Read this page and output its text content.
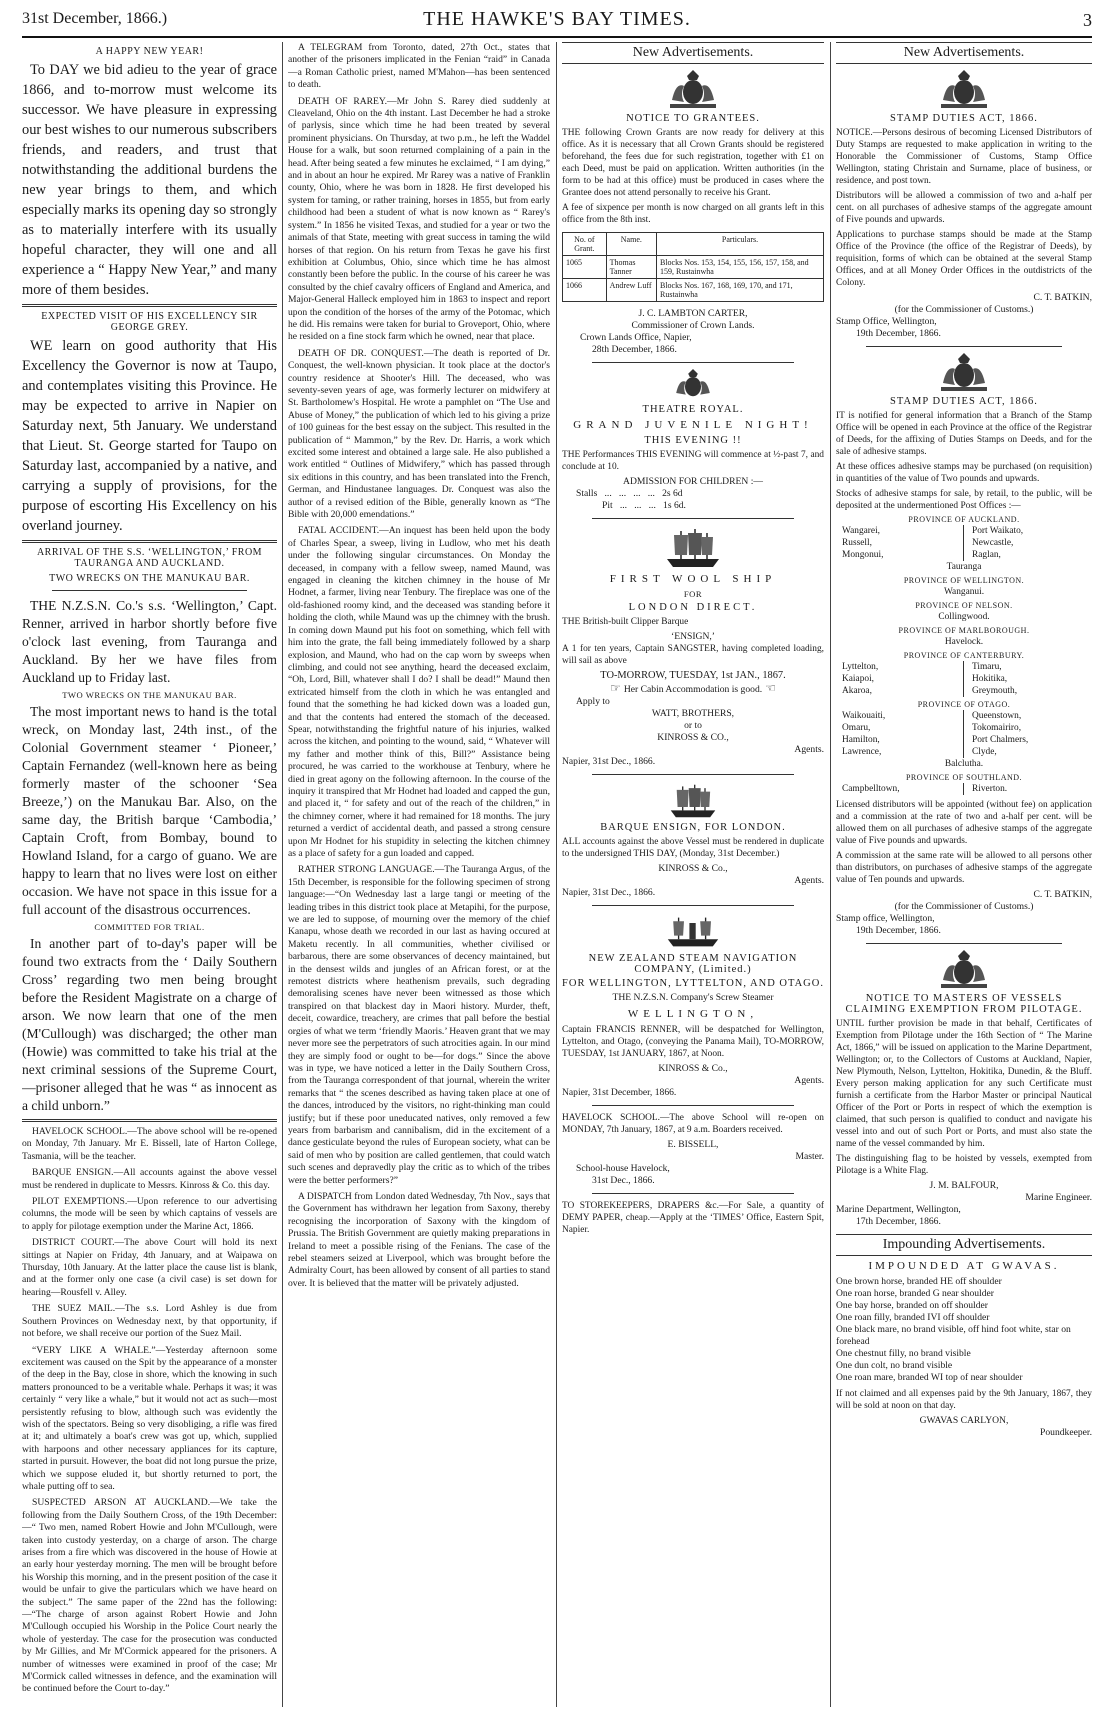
31st December, 1866.)	THE HAWKE'S BAY TIMES.	3
A HAPPY NEW YEAR!

To DAY we bid adieu to the year of grace 1866, and to-morrow must welcome its successor. We have pleasure in expressing our best wishes to our numerous subscribers friends, and readers, and trust that notwithstanding the additional burdens the new year brings to them, and which especially marks its opening day so strongly as to materially interfere with its usually hopeful character, they will one and all experience a “ Happy New Year,” and many more of them besides.

EXPECTED VISIT OF HIS EXCELLENCY SIR GEORGE GREY.

WE learn on good authority that His Excellency the Governor is now at Taupo, and contemplates visiting this Province. He may be expected to arrive in Napier on Saturday next, 5th January. We understand that Lieut. St. George started for Taupo on Saturday last, accompanied by a native, and carrying a supply of provisions, for the purpose of escorting His Excellency on his overland journey.

ARRIVAL OF THE S.S. ‘WELLINGTON,’ FROM TAURANGA AND AUCKLAND.
TWO WRECKS ON THE MANUKAU BAR.

THE N.Z.S.N. Co.'s s.s. ‘Wellington,’ Capt. Renner, arrived in harbor shortly before five o'clock last evening, from Tauranga and Auckland. By her we have files from Auckland up to Friday last.

TWO WRECKS ON THE MANUKAU BAR.

The most important news to hand is the total wreck, on Monday last, 24th inst., of the Colonial Government steamer ‘ Pioneer,’ Captain Fernandez (well-known here as being formerly master of the schooner ‘Sea Breeze,’) on the Manukau Bar. Also, on the same day, the British barque ‘Cambodia,’ Captain Croft, from Bombay, bound to Howland Island, for a cargo of guano. We are happy to learn that no lives were lost on either occasion. We have not space in this issue for a full account of the disastrous occurrences.

COMMITTED FOR TRIAL.

In another part of to-day's paper will be found two extracts from the ‘ Daily Southern Cross’ regarding two men being brought before the Resident Magistrate on a charge of arson. We now learn that one of the men (M'Cullough) was discharged; the other man (Howie) was committed to take his trial at the next criminal sessions of the Supreme Court,—prisoner alleged that he was “ as innocent as a child unborn.”

HAVELOCK SCHOOL.—The above school will be re-opened on Monday, 7th January. Mr E. Bissell, late of Harton College, Tasmania, will be the teacher.

BARQUE ENSIGN.—All accounts against the above vessel must be rendered in duplicate to Messrs. Kinross & Co. this day.

PILOT EXEMPTIONS.—Upon reference to our advertising columns, the mode will be seen by which captains of vessels are to apply for pilotage exemption under the Marine Act, 1866.

DISTRICT COURT.—The above Court will hold its next sittings at Napier on Friday, 4th January, and at Waipawa on Thursday, 10th January. At the latter place the cause list is blank, and at the former only one case (a civil case) is set down for hearing—Rousfell v. Alley.

THE SUEZ MAIL.—The s.s. Lord Ashley is due from Southern Provinces on Wednesday next, by that opportunity, if not before, we shall receive our portion of the Suez Mail.

“VERY LIKE A WHALE.”—Yesterday afternoon some excitement was caused on the Spit by the appearance of a monster of the deep in the Bay, close in shore, which the knowing in such matters pronounced to be a veritable whale. Perhaps it was; it was certainly “ very like a whale,” but it would not act as such—most persistently refusing to blow, although such was evidently the wish of the spectators. Being so very disobliging, a rifle was fired at it; and ultimately a boat's crew was got up, which, supplied with harpoons and other necessary appliances for its capture, started in pursuit. However, the boat did not long pursue the prize, which we suppose eluded it, but shortly returned to port, the whale putting off to sea.

SUSPECTED ARSON AT AUCKLAND.—We take the following from the Daily Southern Cross, of the 19th December:—“ Two men, named Robert Howie and John M'Cullough, were taken into custody yesterday, on a charge of arson. The charge arises from a fire which was discovered in the house of Howie at an early hour yesterday morning. The men will be brought before his Worship this morning, and in the present position of the case it would be unfair to give the particulars which we have heard on the subject.” The same paper of the 22nd has the following:—“The charge of arson against Robert Howie and John M'Cullough occupied his Worship in the Police Court nearly the whole of yesterday. The case for the prosecution was conducted by Mr Gillies, and Mr M'Cormick appeared for the prisoners. A number of witnesses were examined in proof of the case; Mr M'Cormick called witnesses in defence, and the examination will be continued before the Court to-day.”

A TELEGRAM from Toronto, dated, 27th Oct., states that another of the prisoners implicated in the Fenian “raid” in Canada—a Roman Catholic priest, named M'Mahon—has been sentenced to death.

DEATH OF RAREY.—Mr John S. Rarey died suddenly at Cleaveland, Ohio on the 4th instant. Last December he had a stroke of parlysis, since which time he had been treated by several prominent physicians. On Thursday, at two p.m., he left the Waddel House for a walk, but soon returned complaining of a pain in the head. After being seated a few minutes he exclaimed, “ I am dying,” and in about an hour he expired. Mr Rarey was a native of Franklin county, Ohio, where he was born in 1828. He first developed his system for taming, or rather training, horses in 1855, but from early childhood had been a student of what is now known as “ Rarey's system.” In 1856 he visited Texas, and studied for a year or two the animals of that State, meeting with great success in taming the wild horses of that region. On his return from Texas he gave his first exhibition at Columbus, Ohio, since which time he has almost constantly been before the public. In the course of his career he was consulted by the chief cavalry officers of England and America, and Major-General Halleck employed him in 1863 to inspect and report upon the condition of the horses of the army of the Potomac, which he did. His remains were taken for burial to Groveport, Ohio, where he resided on a fine stock farm which he owned, near that place.

DEATH OF DR. CONQUEST.—The death is reported of Dr. Conquest, the well-known physician. It took place at the doctor's country residence at Shooter's Hill. The deceased, who was seventy-seven years of age, was formerly lecturer on midwifery at St. Bartholomew's Hospital. He wrote a pamphlet on “The Use and Abuse of Money,” the publication of which led to his giving a prize of 100 guineas for the best essay on the subject. This resulted in the publication of “ Mammon,” by the Rev. Dr. Harris, a work which excited some interest and obtained a large sale. He also published a work entitled “ Outlines of Midwifery,” which has passed through six editions in this country, and has been translated into the French, German, and Hindustanee languages. Dr. Conquest was also the author of a revised edition of the Bible, generally known as “The Bible with 20,000 emendations.”

FATAL ACCIDENT.—An inquest has been held upon the body of Charles Spear, a sweep, living in Ludlow, who met his death under the following singular circumstances. On Monday the deceased, in company with a fellow sweep, named Maund, was engaged in cleaning the kitchen chimney in the house of Mr Hodnet, a farmer, living near Tenbury. The fireplace was one of the old-fashioned roomy kind, and the deceased was standing before it holding the cloth, while Maund was up the chimney with the brush. In coming down Maund put his foot on something, which fell with him into the grate, the fall being immediately followed by a sharp explosion, and Maund, who had on the cap worn by sweeps when climbing, and could not see anything, heard the deceased exclaim, “Oh, Lord, Bill, whatever shall I do? I shall be dead!” Maund then extricated himself from the cloth in which he was entangled and found that the something he had kicked down was a loaded gun, and that the contents had entered the stomach of the deceased. Spear, notwithstanding the frightful nature of his injuries, walked across the kitchen, and pointing to the wound, said, “ Whatever will my father and mother think of this, Bill?” Assistance being procured, he was carried to the workhouse at Tenbury, where he died in great agony on the following afternoon. In the course of the inquiry it transpired that Mr Hodnet had loaded and capped the gun, and placed it, “ for safety and out of the reach of the children,” in the chimney corner, where it had remained for 18 months. The jury returned a verdict of accidental death, and passed a strong censure upon Mr Hodnet for his stupidity in selecting the kitchen chimney as a place of safety for a gun loaded and capped.

RATHER STRONG LANGUAGE.—The Tauranga Argus, of the 15th December, is responsible for the following specimen of strong language:—“On Wednesday last a large tangi or meeting of the leading tribes in this district took place at Metapihi, for the purpose, we are led to suppose, of mourning over the memory of the chief Kanapu, whose death we recorded in our last as having occured at Maketu recently. In all communities, whether civilised or barbarous, there are some observances of decency maintained, but in the densest wilds and jungles of an African forest, or at the remotest districts where heathenism prevails, such degrading demoralising scenes have never been witnessed as those which transpired on that blackest day in Maori history. Murder, theft, deceit, cowardice, treachery, are crimes that pall before the bestial orgies of what we term ‘friendly Maoris.’ Heaven grant that we may never more see the perpetrators of such atrocities again. In our mind they are simply food or ought to be—for dogs.” Since the above was in type, we have noticed a letter in the Daily Southern Cross, from the Tauranga correspondent of that journal, wherein the writer remarks that “ the scenes described as having taken place at one of the dances, introduced by the visitors, no right-thinking man could justify; but if these poor uneducated natives, only removed a few years from barbarism and cannibalism, did in the excitement of a dance gesticulate beyond the rules of European society, what can be said of men who by position are called gentlemen, that could watch such scenes and depravedly play the critic as to which of the tribes were the better performers?”

A DISPATCH from London dated Wednesday, 7th Nov., says that the Government has withdrawn her legation from Saxony, thereby recognising the incorporation of Saxony with the kingdom of Prussia. The British Government are quietly making preparations in Ireland to meet a possible rising of the Fenians. The case of the rebel steamers seized at Liverpool, which was brought before the Admiralty Court, has been allowed by consent of all parties to stand over. It is believed that the matter will be privately adjusted.

New Advertisements.
NOTICE TO GRANTEES.

THE following Crown Grants are now ready for delivery at this office. As it is necessary that all Crown Grants should be registered beforehand, the fees due for such registration, together with £1 on each Deed, must be paid on application. Written authorities (in the form to be had at this office) must be produced in cases where the Grantee does not attend personally to receive his Grant.

A fee of sixpence per month is now charged on all grants left in this office from the 8th inst.

No. of Grant.	Name.	Particulars.
1065	Thomas Tanner	Blocks Nos. 153, 154, 155, 156, 157, 158, and 159, Rustainwha
1066	Andrew Luff	Blocks Nos. 167, 168, 169, 170, and 171, Rustainwha

J. C. LAMBTON CARTER,

Commissioner of Crown Lands.

Crown Lands Office, Napier,

28th December, 1866.

THEATRE ROYAL.
GRAND JUVENILE NIGHT!
THIS EVENING !!

THE Performances THIS EVENING will commence at ½-past 7, and conclude at 10.

ADMISSION FOR CHILDREN :—

Stalls   ...   ...   ...   ...   2s 6d

Pit   ...   ...   ...   1s 6d.

FIRST WOOL SHIP
FOR
LONDON DIRECT.

THE British-built Clipper Barque

‘ENSIGN,’

A 1 for ten years, Captain SANGSTER, having completed loading, will sail as above

TO-MORROW, TUESDAY, 1st JAN., 1867.

☞ Her Cabin Accommodation is good. ☜

Apply to

WATT, BROTHERS,

or to

KINROSS & CO.,

Agents.

Napier, 31st Dec., 1866.

BARQUE ENSIGN, FOR LONDON.

ALL accounts against the above Vessel must be rendered in duplicate to the undersigned THIS DAY, (Monday, 31st December.)

KINROSS & Co.,

Agents.

Napier, 31st Dec., 1866.

NEW ZEALAND STEAM NAVIGATION COMPANY, (Limited.)
FOR WELLINGTON, LYTTELTON, AND OTAGO.

THE N.Z.S.N. Company's Screw Steamer

WELLINGTON,

Captain FRANCIS RENNER, will be despatched for Wellington, Lyttelton, and Otago, (conveying the Panama Mail), TO-MORROW, TUESDAY, 1st JANUARY, 1867, at Noon.

KINROSS & Co.,

Agents.

Napier, 31st December, 1866.

HAVELOCK SCHOOL.—The above School will re-open on MONDAY, 7th January, 1867, at 9 a.m. Boarders received.

E. BISSELL,

Master.

School-house Havelock,

31st Dec., 1866.

TO STOREKEEPERS, DRAPERS &c.—For Sale, a quantity of DEMY PAPER, cheap.—Apply at the ‘TIMES’ Office, Eastern Spit, Napier.

New Advertisements.
STAMP DUTIES ACT, 1866.

NOTICE.—Persons desirous of becoming Licensed Distributors of Duty Stamps are requested to make application in writing to the Honorable the Commissioner of Customs, Stamp Office Wellington, stating Christain and Surname, place of business, or residence, and post town.

Distributors will be allowed a commission of two and a-half per cent. on all purchases of adhesive stamps of the aggregate amount of Five pounds and upwards.

Applications to purchase stamps should be made at the Stamp Office of the Province (the office of the Registrar of Deeds), by requisition, forms of which can be obtained at the several Stamp Offices, and at all Money Order Offices in the outdistricts of the Colony.

C. T. BATKIN,

(for the Commissioner of Customs.)

Stamp Office, Wellington,

19th December, 1866.

STAMP DUTIES ACT, 1866.

IT is notified for general information that a Branch of the Stamp Office will be opened in each Province at the office of the Registrar of Deeds, for the affixing of Duties Stamps on Deeds, and for the sale of adhesive stamps.

At these offices adhesive stamps may be purchased (on requisition) in quantities of the value of Two pounds and upwards.

Stocks of adhesive stamps for sale, by retail, to the public, will be deposited at the undermentioned Post Offices :—

PROVINCE OF AUCKLAND.
Wangarei,	Port Waikato,
Russell,	Newcastle,
Mongonui,	Raglan,
Tauranga
PROVINCE OF WELLINGTON.
Wanganui.
PROVINCE OF NELSON.
Collingwood.
PROVINCE OF MARLBOROUGH.
Havelock.
PROVINCE OF CANTERBURY.
Lyttelton,	Timaru,
Kaiapoi,	Hokitika,
Akaroa,	Greymouth,
PROVINCE OF OTAGO.
Waikouaiti,	Queenstown,
Omaru,	Tokomairiro,
Hamilton,	Port Chalmers,
Lawrence,	Clyde,
Balclutha.
PROVINCE OF SOUTHLAND.
Campbelltown,	Riverton.

Licensed distributors will be appointed (without fee) on application and a commission at the rate of two and a-half per cent. will be allowed them on all purchases of adhesive stamps of the aggregate value of Five pounds and upwards.

A commission at the same rate will be allowed to all persons other than distributors, on purchases of adhesive stamps of the aggregate value of Ten pounds and upwards.

C. T. BATKIN,

(for the Commissioner of Customs.)

Stamp office, Wellington,

19th December, 1866.

NOTICE TO MASTERS OF VESSELS CLAIMING EXEMPTION FROM PILOTAGE.

UNTIL further provision be made in that behalf, Certificates of Exemption from Pilotage under the 16th Section of “ The Marine Act, 1866,” will be issued on application to the Marine Department, Wellington; or, to the Collectors of Customs at Auckland, Napier, New Plymouth, Nelson, Lyttelton, Hokitika, Dunedin, & the Bluff. Every person making application for any such Certificate must furnish a certificate from the Harbor Master or principal Nautical Officer of the Port or Ports in respect of which the exemption is claimed, that such person is qualified to conduct and navigate his vessel into and out of such Port or Ports, and must also state the name of the vessel commanded by him.

The distinguishing flag to be hoisted by vessels, exempted from Pilotage is a White Flag.

J. M. BALFOUR,

Marine Engineer.

Marine Department, Wellington,

17th December, 1866.

Impounding Advertisements.
IMPOUNDED AT GWAVAS.

One brown horse, branded HE off shoulder

One roan horse, branded G near shoulder

One bay horse, branded on off shoulder

One roan filly, branded IVI off shoulder

One black mare, no brand visible, off hind foot white, star on forehead

One chestnut filly, no brand visible

One dun colt, no brand visible

One roan mare, branded WI top of near shoulder

If not claimed and all expenses paid by the 9th January, 1867, they will be sold at noon on that day.

GWAVAS CARLYON,

Poundkeeper.
